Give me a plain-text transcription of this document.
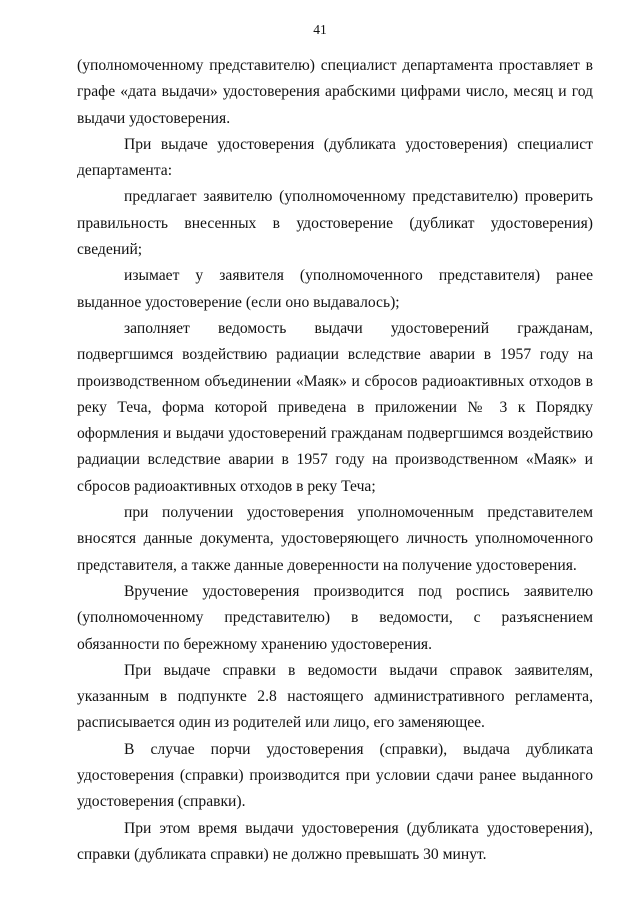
41

(уполномоченному представителю) специалист департамента проставляет в графе «дата выдачи» удостоверения арабскими цифрами число, месяц и год выдачи удостоверения.

При выдаче удостоверения (дубликата удостоверения) специалист департамента:

предлагает заявителю (уполномоченному представителю) проверить правильность внесенных в удостоверение (дубликат удостоверения) сведений;

изымает у заявителя (уполномоченного представителя) ранее выданное удостоверение (если оно выдавалось);

заполняет ведомость выдачи удостоверений гражданам, подвергшимся воздействию радиации вследствие аварии в 1957 году на производственном объединении «Маяк» и сбросов радиоактивных отходов в реку Теча, форма которой приведена в приложении № 3 к Порядку оформления и выдачи удостоверений гражданам подвергшимся воздействию радиации вследствие аварии в 1957 году на производственном «Маяк» и сбросов радиоактивных отходов в реку Теча;

при получении удостоверения уполномоченным представителем вносятся данные документа, удостоверяющего личность уполномоченного представителя, а также данные доверенности на получение удостоверения.

Вручение удостоверения производится под роспись заявителю (уполномоченному представителю) в ведомости, с разъяснением обязанности по бережному хранению удостоверения.

При выдаче справки в ведомости выдачи справок заявителям, указанным в подпункте 2.8 настоящего административного регламента, расписывается один из родителей или лицо, его заменяющее.

В случае порчи удостоверения (справки), выдача дубликата удостоверения (справки) производится при условии сдачи ранее выданного удостоверения (справки).

При этом время выдачи удостоверения (дубликата удостоверения), справки (дубликата справки) не должно превышать 30 минут.
